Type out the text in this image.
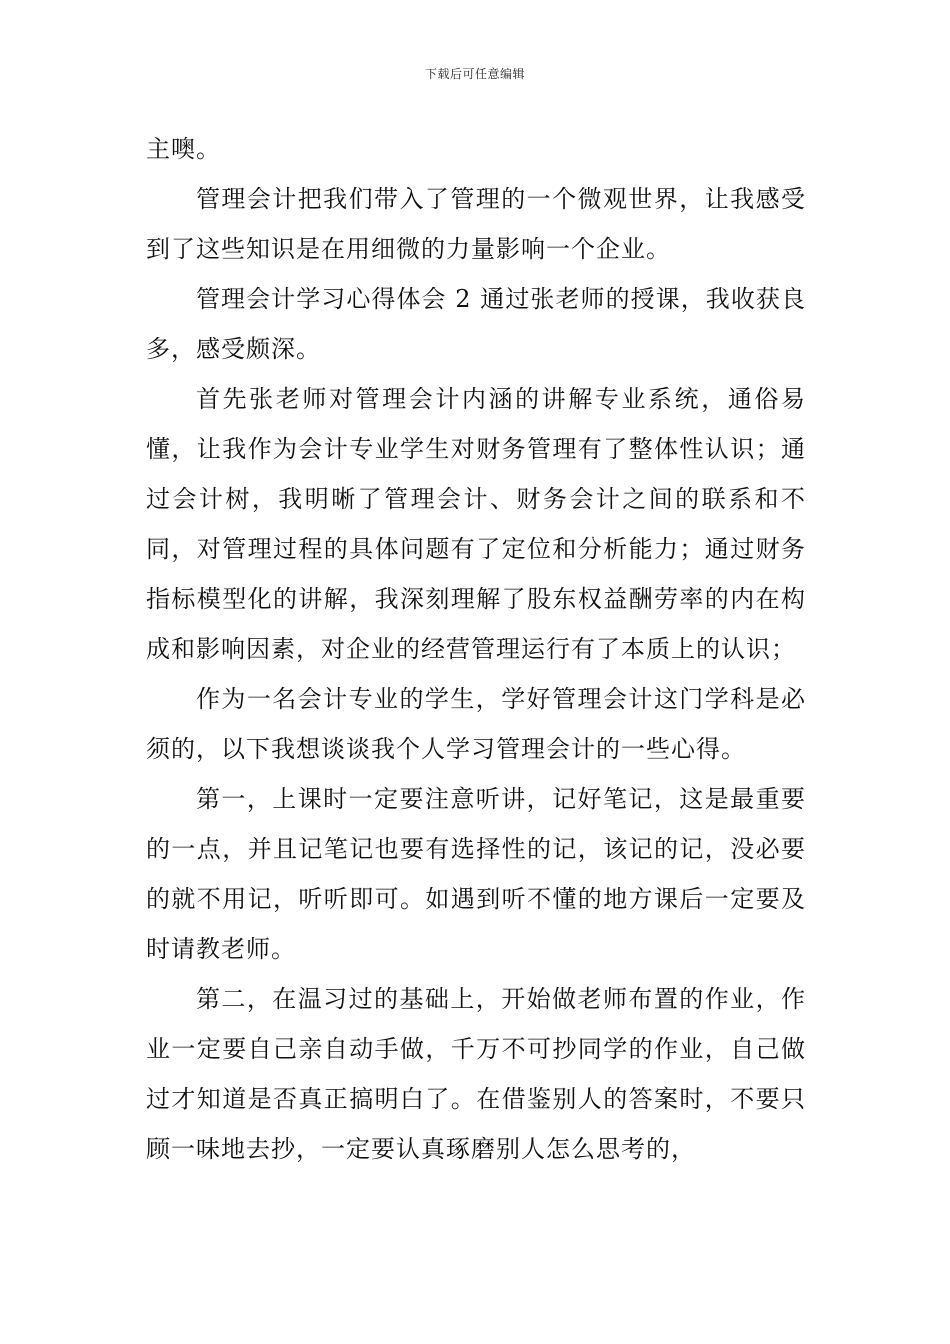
下载后可任意编辑

主噢。

管理会计把我们带入了管理的一个微观世界，让我感受到了这些知识是在用细微的力量影响一个企业。

管理会计学习心得体会 2 通过张老师的授课，我收获良多，感受颇深。

首先张老师对管理会计内涵的讲解专业系统，通俗易懂，让我作为会计专业学生对财务管理有了整体性认识；通过会计树，我明晰了管理会计、财务会计之间的联系和不同，对管理过程的具体问题有了定位和分析能力；通过财务指标模型化的讲解，我深刻理解了股东权益酬劳率的内在构成和影响因素，对企业的经营管理运行有了本质上的认识；

作为一名会计专业的学生，学好管理会计这门学科是必须的，以下我想谈谈我个人学习管理会计的一些心得。

第一，上课时一定要注意听讲，记好笔记，这是最重要的一点，并且记笔记也要有选择性的记，该记的记，没必要的就不用记，听听即可。如遇到听不懂的地方课后一定要及时请教老师。

第二，在温习过的基础上，开始做老师布置的作业，作业一定要自己亲自动手做，千万不可抄同学的作业，自己做过才知道是否真正搞明白了。在借鉴别人的答案时，不要只顾一味地去抄，一定要认真琢磨别人怎么思考的，
